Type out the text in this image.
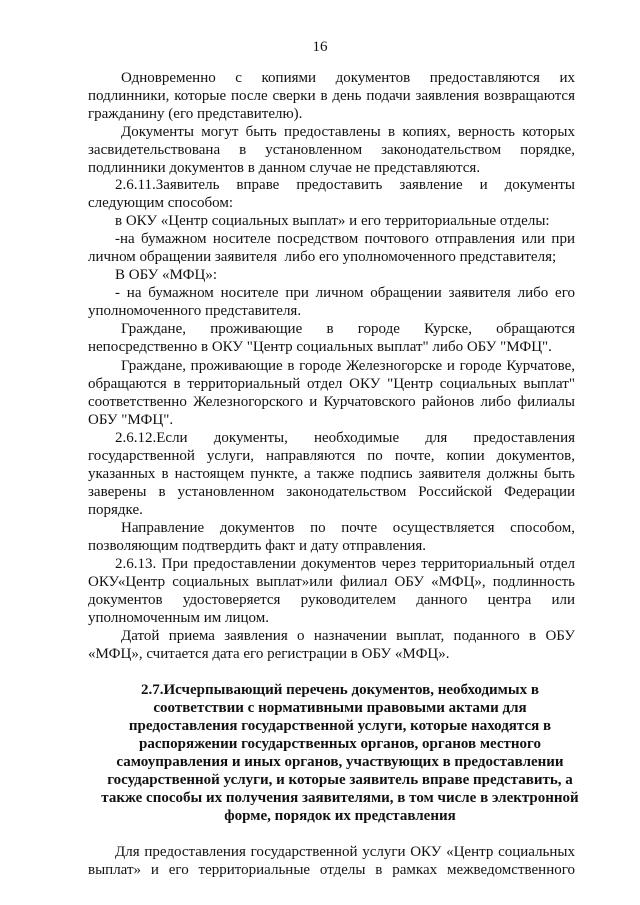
16
Одновременно с копиями документов предоставляются их
подлинники, которые после сверки в день подачи заявления возвращаются
гражданину (его представителю).
Документы могут быть предоставлены в копиях, верность которых
засвидетельствована в установленном законодательством порядке,
подлинники документов в данном случае не представляются.
2.6.11.Заявитель вправе предоставить заявление и документы
следующим способом:
в ОКУ «Центр социальных выплат» и его территориальные отделы:
-на бумажном носителе посредством почтового отправления или при
личном обращении заявителя  либо его уполномоченного представителя;
В ОБУ «МФЦ»:
- на бумажном носителе при личном обращении заявителя либо его
уполномоченного представителя.
Граждане, проживающие в городе Курске, обращаются
непосредственно в ОКУ "Центр социальных выплат" либо ОБУ "МФЦ".
Граждане, проживающие в городе Железногорске и городе Курчатове,
обращаются в территориальный отдел ОКУ "Центр социальных выплат"
соответственно Железногорского и Курчатовского районов либо филиалы
ОБУ "МФЦ".
2.6.12.Если документы, необходимые для предоставления
государственной услуги, направляются по почте, копии документов,
указанных в настоящем пункте, а также подпись заявителя должны быть
заверены в установленном законодательством Российской Федерации
порядке.
Направление документов по почте осуществляется способом,
позволяющим подтвердить факт и дату отправления.
2.6.13. При предоставлении документов через территориальный отдел
ОКУ«Центр социальных выплат»или филиал ОБУ «МФЦ», подлинность
документов удостоверяется руководителем данного центра или
уполномоченным им лицом.
Датой приема заявления о назначении выплат, поданного в ОБУ
«МФЦ», считается дата его регистрации в ОБУ «МФЦ».
2.7.Исчерпывающий перечень документов, необходимых в
соответствии с нормативными правовыми актами для
предоставления государственной услуги, которые находятся в
распоряжении государственных органов, органов местного
самоуправления и иных органов, участвующих в предоставлении
государственной услуги, и которые заявитель вправе представить, а
также способы их получения заявителями, в том числе в электронной
форме, порядок их представления
Для предоставления государственной услуги ОКУ «Центр социальных
выплат» и его территориальные отделы в рамках межведомственного
